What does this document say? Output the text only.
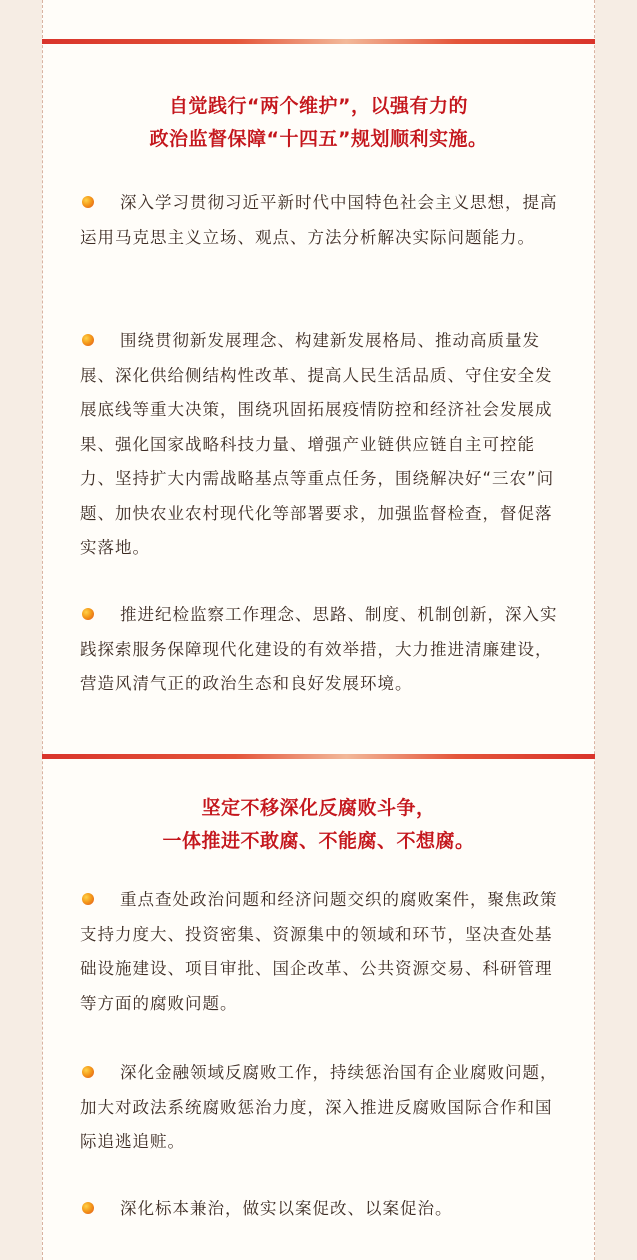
自觉践行“两个维护”，以强有力的
政治监督保障“十四五”规划顺利实施。
深入学习贯彻习近平新时代中国特色社会主义思想，提高运用马克思主义立场、观点、方法分析解决实际问题能力。
围绕贯彻新发展理念、构建新发展格局、推动高质量发展、深化供给侧结构性改革、提高人民生活品质、守住安全发展底线等重大决策，围绕巩固拓展疫情防控和经济社会发展成果、强化国家战略科技力量、增强产业链供应链自主可控能力、坚持扩大内需战略基点等重点任务，围绕解决好“三农”问题、加快农业农村现代化等部署要求，加强监督检查，督促落实落地。
推进纪检监察工作理念、思路、制度、机制创新，深入实践探索服务保障现代化建设的有效举措，大力推进清廉建设，营造风清气正的政治生态和良好发展环境。
坚定不移深化反腐败斗争，
一体推进不敢腐、不能腐、不想腐。
重点查处政治问题和经济问题交织的腐败案件，聚焦政策支持力度大、投资密集、资源集中的领域和环节，坚决查处基础设施建设、项目审批、国企改革、公共资源交易、科研管理等方面的腐败问题。
深化金融领域反腐败工作，持续惩治国有企业腐败问题，加大对政法系统腐败惩治力度，深入推进反腐败国际合作和国际追逃追赃。
深化标本兼治，做实以案促改、以案促治。
